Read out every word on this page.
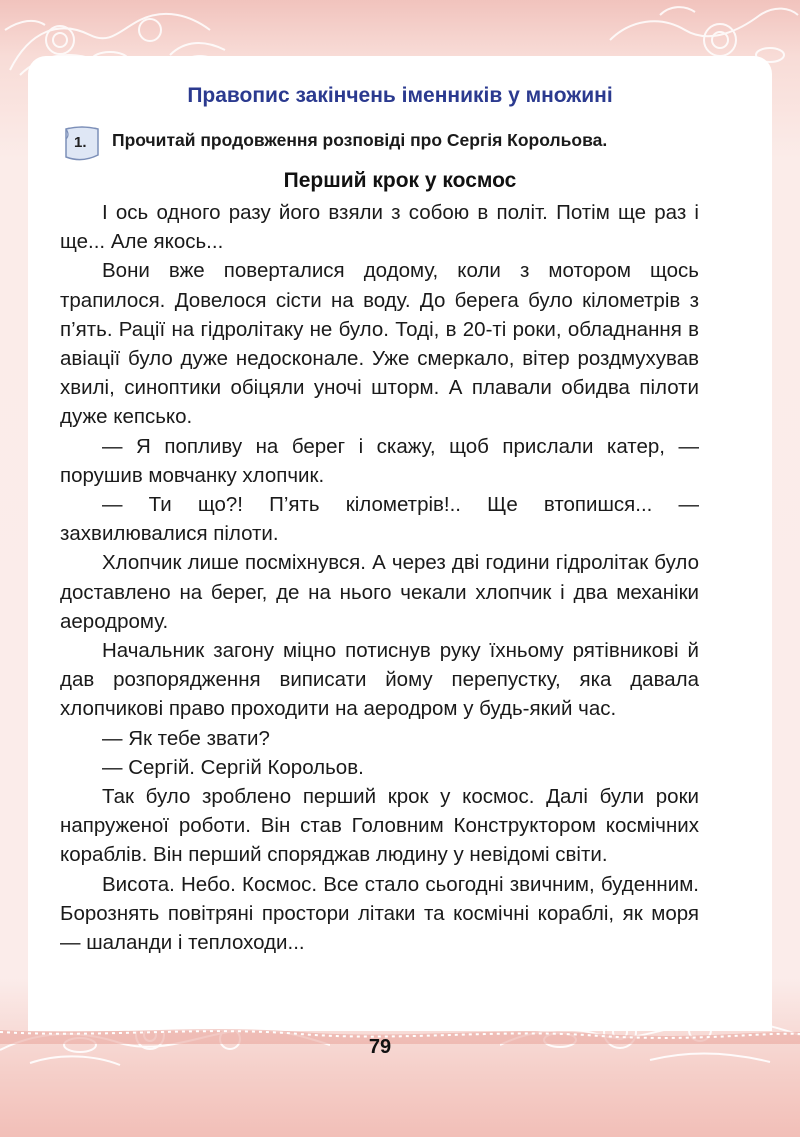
Правопис закінчень іменників у множині
1. Прочитай продовження розповіді про Сергія Корольова.
Перший крок у космос

І ось одного разу його взяли з собою в політ. Потім ще раз і ще... Але якось...

Вони вже поверталися додому, коли з мотором щось трапилося. Довелося сісти на воду. До берега було кілометрів з п’ять. Рації на гідролітаку не було. Тоді, в 20-ті роки, обладнання в авіації було дуже недосконале. Уже смеркало, вітер роздмухував хвилі, синоптики обіцяли уночі шторм. А плавали обидва пілоти дуже кепсько.

— Я попливу на берег і скажу, щоб прислали катер, — порушив мовчанку хлопчик.

— Ти що?! П’ять кілометрів!.. Ще втопишся... — захвилювалися пілоти.

Хлопчик лише посміхнувся. А через дві години гідролітак було доставлено на берег, де на нього чекали хлопчик і два механіки аеродрому.

Начальник загону міцно потиснув руку їхньому рятівникові й дав розпорядження виписати йому перепустку, яка давала хлопчикові право проходити на аеродром у будь-який час.

— Як тебе звати?

— Сергій. Сергій Корольов.

Так було зроблено перший крок у космос. Далі були роки напруженої роботи. Він став Головним Конструктором космічних кораблів. Він перший споряджав людину у невідомі світи.

Висота. Небо. Космос. Все стало сьогодні звичним, буденним. Борознять повітряні простори літаки та космічні кораблі, як моря — шаланди і теплоходи...

79
